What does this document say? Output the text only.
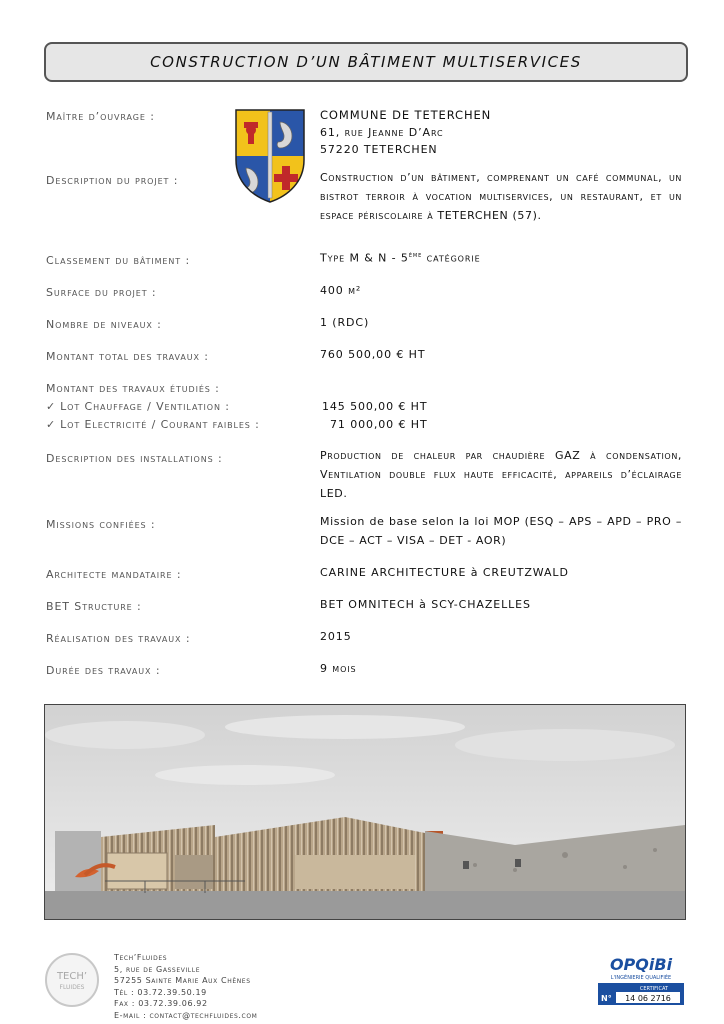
CONSTRUCTION D’UN BÂTIMENT MULTISERVICES
Maître d’ouvrage :	COMMUNE DE TETERCHEN
61, rue Jeanne D’Arc
57220 TETERCHEN
Description du projet :	Construction d’un bâtiment, comprenant un café communal, un bistrot terroir à vocation multiservices, un restaurant, et un espace périscolaire à TETERCHEN (57).
Classement du bâtiment :	Type M & N - 5ème catégorie
Surface du projet :	400 m²
Nombre de niveaux :	1 (RDC)
Montant total des travaux :	760 500,00 € HT
Montant des travaux étudiés :
✓ Lot Chauffage / Ventilation :	145 500,00 € HT
✓ Lot Electricité / Courant faibles :	71 000,00 € HT
Description des installations :	Production de chaleur par chaudière GAZ à condensation, Ventilation double flux haute efficacité, appareils d’éclairage LED.
Missions confiées :	Mission de base selon la loi MOP (ESQ – APS – APD – PRO – DCE – ACT – VISA – DET - AOR)
Architecte mandataire :	CARINE ARCHITECTURE à CREUTZWALD
BET Structure :	BET OMNITECH à SCY-CHAZELLES
Réalisation des travaux :	2015
Durée des travaux :	9 mois
TECH’
FLUIDES
Tech’Fluides
5, rue de Gasseville
57255 Sainte Marie Aux Chênes
Tél : 03.72.39.50.19
Fax : 03.72.39.06.92
E-mail : contact@techfluides.com
OPQiBi
L'INGÉNIERIE QUALIFIÉE
CERTIFICAT
N° 14 06 2716
